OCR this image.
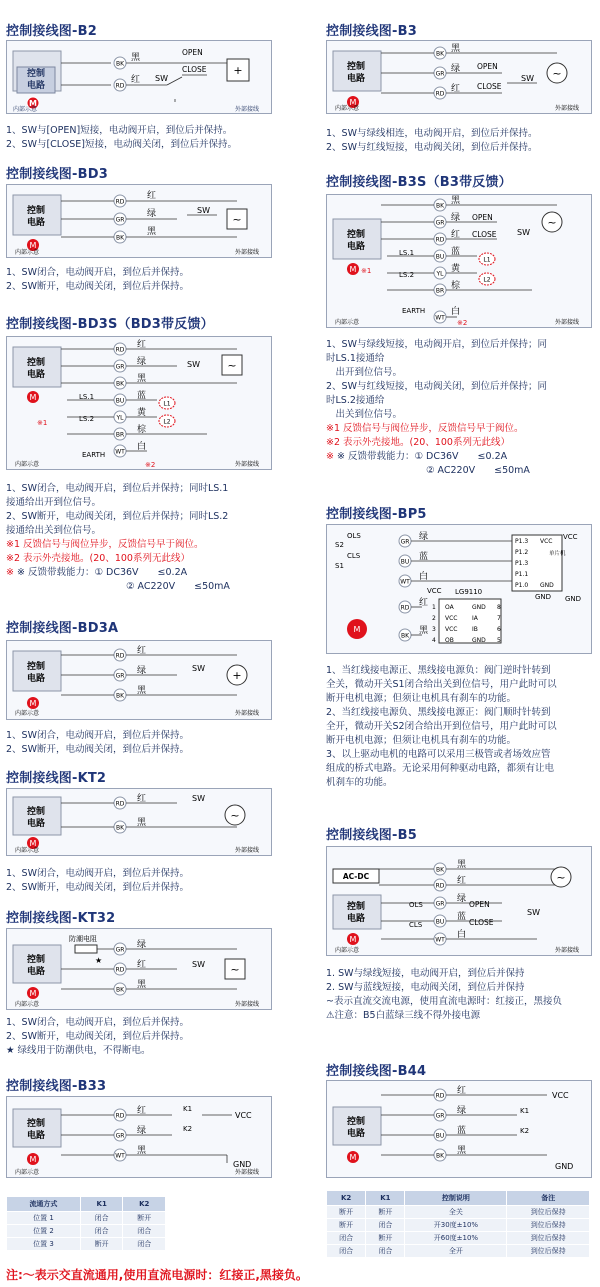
控制接线图-B2
控制
电路
M
BK
RD
黑
红 SW
OPEN
CLOSE +
内部示意	外部接线
1、SW与[OPEN]短接，电动阀开启，到位后并保持。
2、SW与[CLOSE]短接，电动阀关闭，到位后并保持。
控制接线图-BD3
控制
电路
M
RD
GR
BK
红
绿
黑
SW
~
内部示意	外部接线
1、SW闭合，电动阀开启，到位后并保持。
2、SW断开，电动阀关闭，到位后并保持。
控制接线图-BD3S（BD3带反馈）
控制
电路
M
RD
GR
BK
BU
YL
BR
WT
红
绿
黑
蓝
黄
棕
白
SW ~
LS.1
LS.2
L1
L2
※1
EARTH
※2
内部示意	外部接线
1、SW闭合，电动阀开启，到位后并保持；同时LS.1
接通给出开到位信号。
2、SW断开，电动阀关闭，到位后并保持；同时LS.2
接通给出关到位信号。
※1 反馈信号与阀位异步，反馈信号早于阀位。
※2 表示外壳接地。(20、100系列无此线）
※ ※ 反馈带载能力：① DC36V　　≤0.2A
② AC220V　　≤50mA
控制接线图-BD3A
控制
电路
M
RD
GR
BK
红
绿
黑
SW
+
内部示意	外部接线
1、SW闭合，电动阀开启，到位后并保持。
2、SW断开，电动阀关闭，到位后并保持。
控制接线图-KT2
控制
电路
M
RD
BK
红
黑
SW
~
内部示意	外部接线
1、SW闭合，电动阀开启，到位后并保持。
2、SW断开，电动阀关闭，到位后并保持。
控制接线图-KT32
控制
电路
M
防潮电阻
★
GR
RD
BK
绿
红
黑
SW ~
内部示意	外部接线
1、SW闭合，电动阀开启，到位后并保持。
2、SW断开，电动阀关闭，到位后并保持。
★ 绿线用于防潮供电，不得断电。
控制接线图-B33
控制
电路
M
RD
GR
WT
红
绿
黑
K1
K2
VCC
GND
内部示意	外部接线
流通方式	K1	K2
位置 1	闭合	断开
位置 2	闭合	闭合
位置 3	断开	闭合
控制接线图-B3
控制
电路
M
BK
GR
RD
黑
绿
红
OPEN
CLOSE
SW ~
内部示意	外部接线
1、SW与绿线相连，电动阀开启，到位后并保持。
2、SW与红线短接，电动阀关闭，到位后并保持。
控制接线图-B3S（B3带反馈）
控制
电路
M
BK
GR
RD
BU
YL
BR
WT
黑
绿
红
蓝
黄
棕
白
OPEN
CLOSE	SW
~
LS.1
LS.2
L1
L2
※1
EARTH
※2
内部示意	外部接线
1、SW与绿线短接，电动阀开启，到位后并保持；同
时LS.1接通给
　出开到位信号。
2、SW与红线短接，电动阀关闭，到位后并保持；同
时LS.2接通给
　出关到位信号。
※1 反馈信号与阀位异步，反馈信号早于阀位。
※2 表示外壳接地。(20、100系列无此线）
※ ※ 反馈带载能力：① DC36V　　≤0.2A
② AC220V　　≤50mA
控制接线图-BP5
GR
BU
WT
RD
BK
OLS
CLS
S2
S1
M
绿
蓝
白
红
黑
P1.3
P1.2
P1.3
P1.1
P1.0
VCC
GND
单片机
VCC
GND
GND
LG9110
VCC
1 OA	GND 8
2 VCC IA	7
3 VCC IB	6
4 OB	GND 5
1、当红线接电源正、黑线接电源负：阀门逆时针转到
全关，微动开关S1闭合给出关到位信号，用户此时可以
断开电机电源；但须让电机具有刹车的功能。
2、当红线接电源负、黑线接电源正：阀门顺时针转到
全开，微动开关S2闭合给出开到位信号，用户此时可以
断开电机电源；但须让电机具有刹车的功能。
3、以上驱动电机的电路可以采用三极管或者场效应管
组成的桥式电路。无论采用何种驱动电路，都须有让电
机刹车的功能。
控制接线图-B5
AC-DC
控制
电路
M
BK
RD
GR
BU
WT
黑
红
绿
蓝
白
OLS
CLS
OPEN
CLOSE
SW
~
内部示意	外部接线
1. SW与绿线短接，电动阀开启，到位后并保持
2. SW与蓝线短接，电动阀关闭，到位后并保持
~表示直流交流电源，使用直流电源时：红接正，黑接负
⚠注意：B5白蓝绿三线不得外接电源
控制接线图-B44
控制
电路
M
RD
GR
BU
BK
红
绿
蓝
黑
K1
K2
VCC
GND
K2	K1	控制说明	备注
断开	断开	全关	到位后保持
断开	闭合	开30度±10%	到位后保持
闭合	断开	开60度±10%	到位后保持
闭合	闭合	全开	到位后保持
注:～表示交直流通用,使用直流电源时：红接正,黑接负。
